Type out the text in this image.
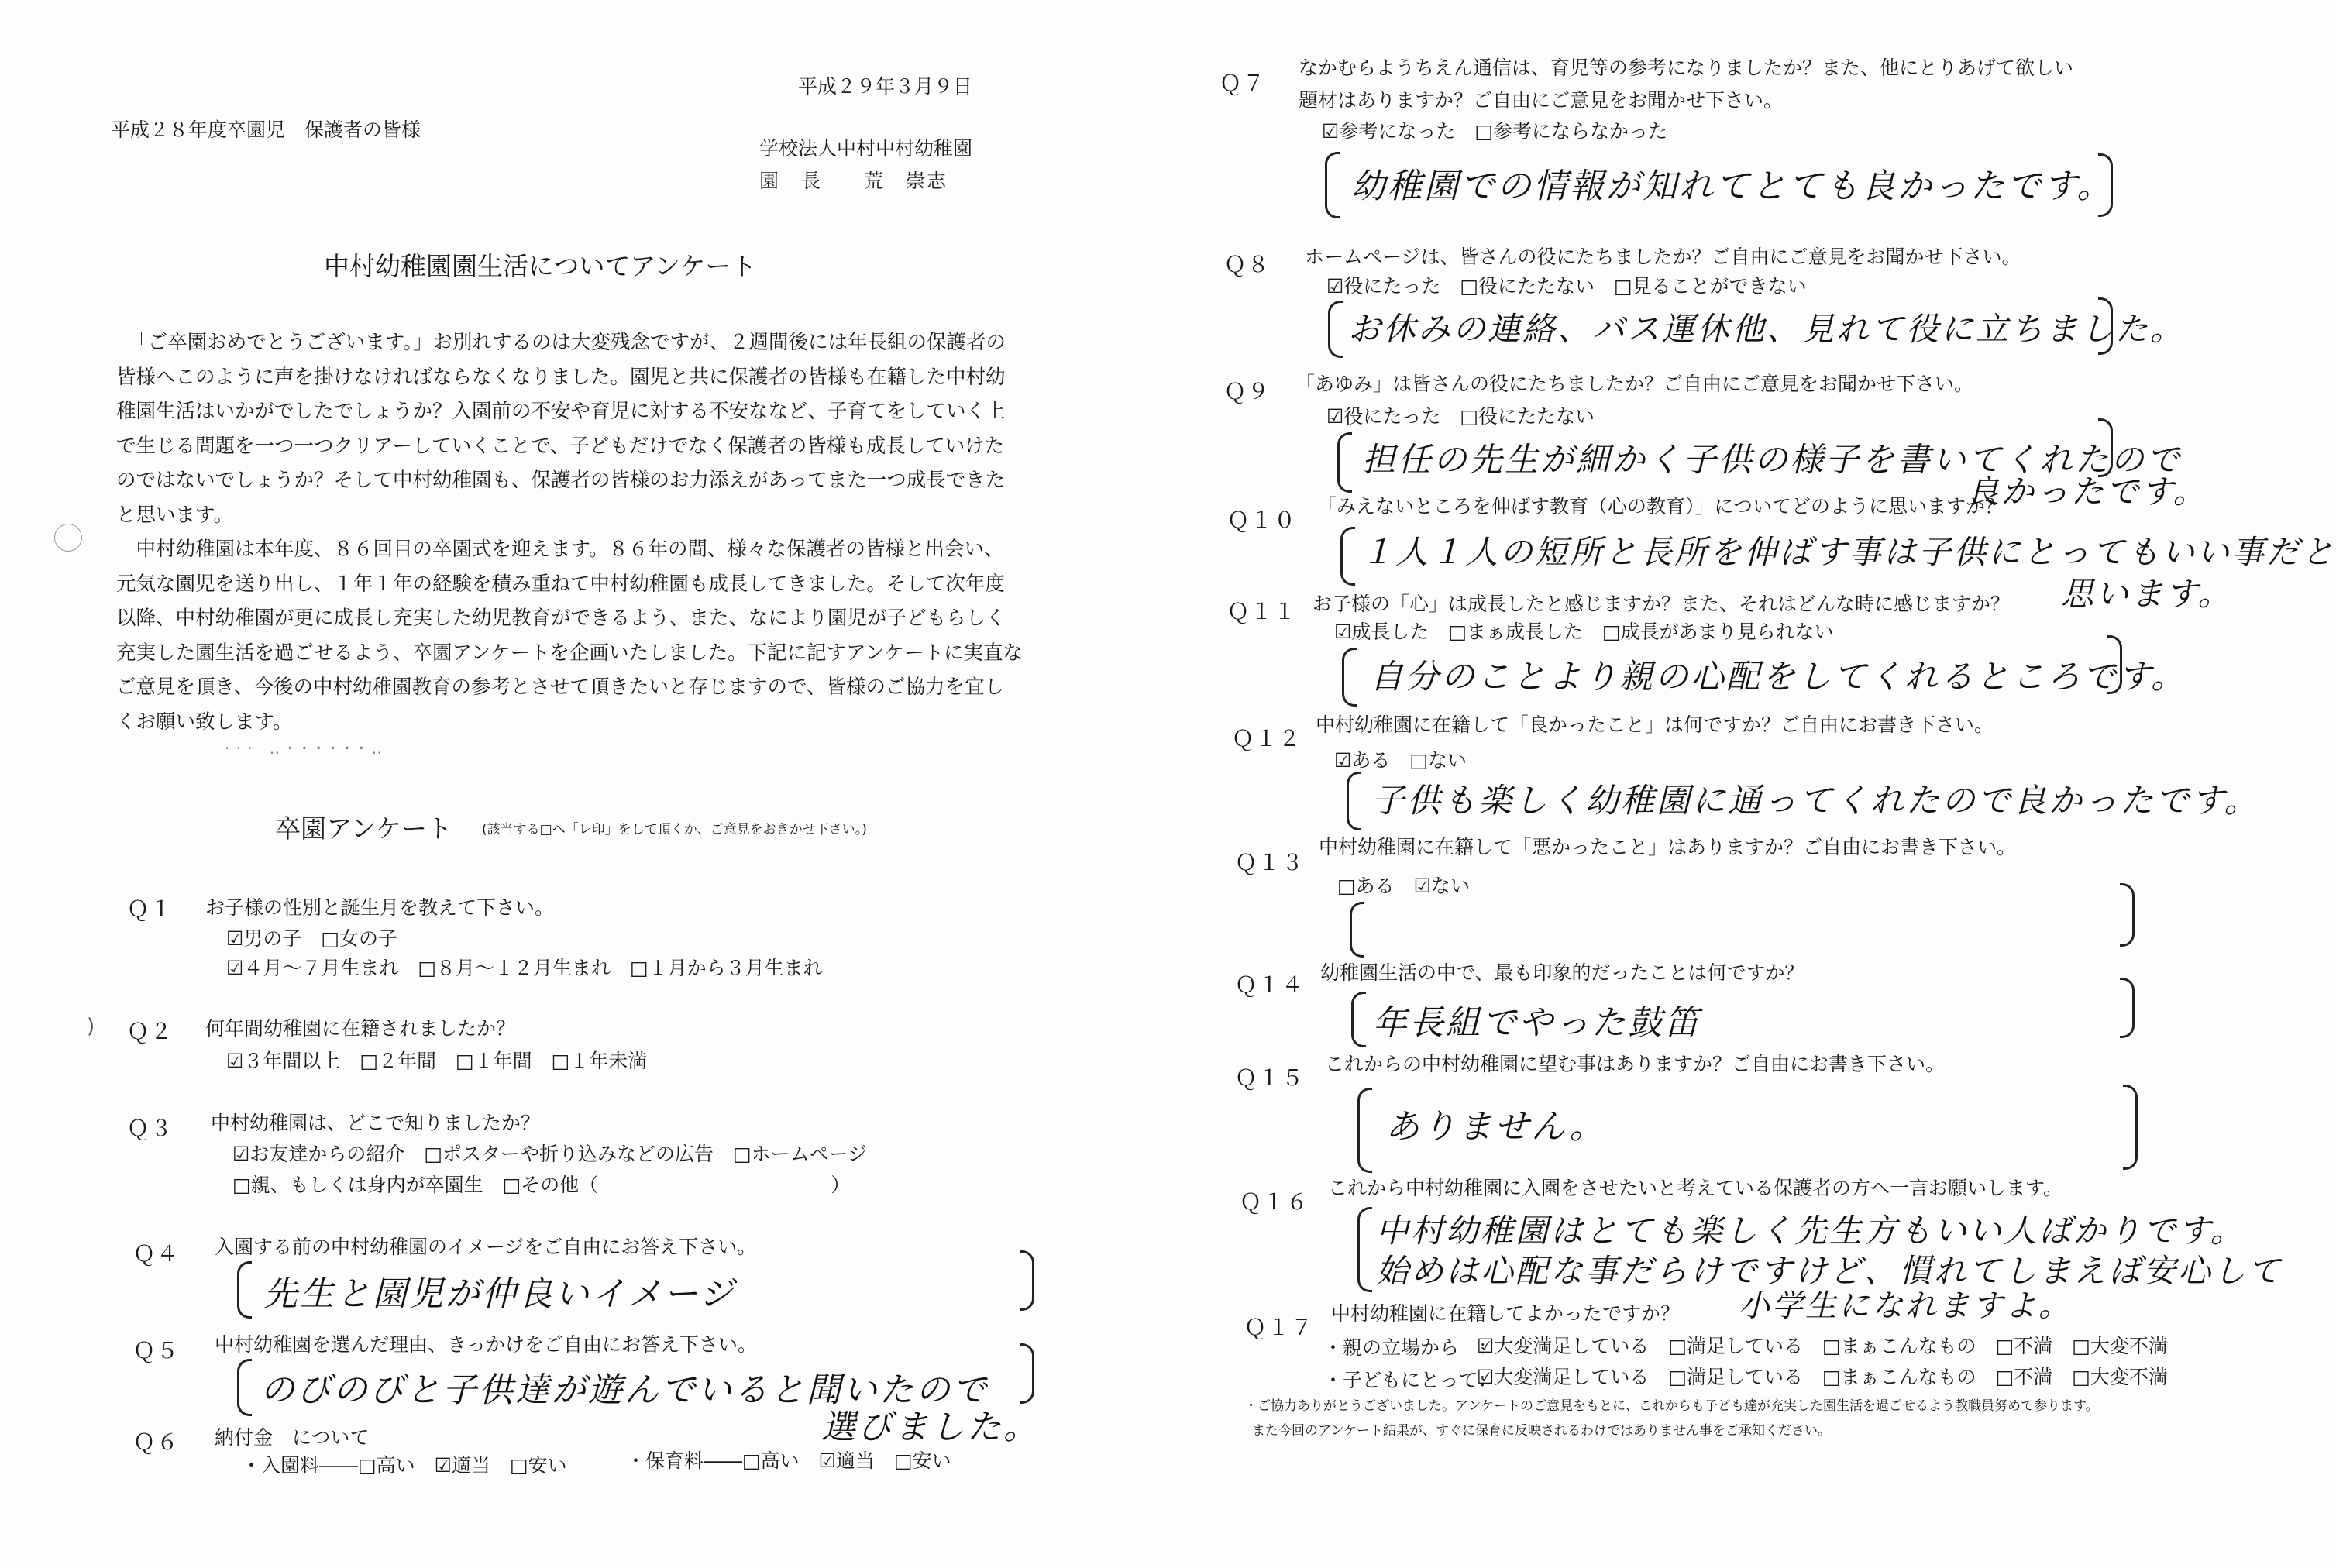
)
· · ·　‥ ･ ･ ･ ･ ･ ･ ‥
平成２９年３月９日
平成２８年度卒園児　保護者の皆様
学校法人中村中村幼稚園
園　長　　荒　崇志
中村幼稚園園生活についてアンケート

「ご卒園おめでとうございます。」お別れするのは大変残念ですが、２週間後には年長組の保護者の皆様へこのように声を掛けなければならなくなりました。園児と共に保護者の皆様も在籍した中村幼稚園生活はいかがでしたでしょうか？入園前の不安や育児に対する不安ななど、子育てをしていく上で生じる問題を一つ一つクリアーしていくことで、子どもだけでなく保護者の皆様も成長していけたのではないでしょうか？そして中村幼稚園も、保護者の皆様のお力添えがあってまた一つ成長できたと思います。

中村幼稚園は本年度、８６回目の卒園式を迎えます。８６年の間、様々な保護者の皆様と出会い、元気な園児を送り出し、１年１年の経験を積み重ねて中村幼稚園も成長してきました。そして次年度以降、中村幼稚園が更に成長し充実した幼児教育ができるよう、また、なにより園児が子どもらしく充実した園生活を過ごせるよう、卒園アンケートを企画いたしました。下記に記すアンケートに実直なご意見を頂き、今後の中村幼稚園教育の参考とさせて頂きたいと存じますので、皆様のご協力を宜しくお願い致します。

卒園アンケート (該当する□へ「レ印」をして頂くか、ご意見をおきかせ下さい。)
Ｑ１ お子様の性別と誕生月を教えて下さい。
☑男の子　□女の子
☑４月～７月生まれ　□８月～１２月生まれ　□１月から３月生まれ
Ｑ２ 何年間幼稚園に在籍されましたか？
☑３年間以上　□２年間　□１年間　□１年未満
Ｑ３ 中村幼稚園は、どこで知りましたか？
☑お友達からの紹介　□ポスターや折り込みなどの広告　□ホームページ
□親、もしくは身内が卒園生　□その他（　　　　　　　　　　　　）
Ｑ４ 入園する前の中村幼稚園のイメージをご自由にお答え下さい。
先生と園児が仲良いイメージ
Ｑ５ 中村幼稚園を選んだ理由、きっかけをご自由にお答え下さい。
のびのびと子供達が遊んでいると聞いたので
選びました。
Ｑ６ 納付金　について
・入園料――□高い　☑適当　□安い	・保育料――□高い　☑適当　□安い
Ｑ７
なかむらようちえん通信は、育児等の参考になりましたか？また、他にとりあげて欲しい
題材はありますか？ご自由にご意見をお聞かせ下さい。
☑参考になった　□参考にならなかった
幼稚園での情報が知れてとても良かったです。
Ｑ８ ホームページは、皆さんの役にたちましたか？ご自由にご意見をお聞かせ下さい。
☑役にたった　□役にたたない　□見ることができない
お休みの連絡、バス運休他、見れて役に立ちました。
Ｑ９ 「あゆみ」は皆さんの役にたちましたか？ご自由にご意見をお聞かせ下さい。
☑役にたった　□役にたたない
担任の先生が細かく子供の様子を書いてくれたので
良かったです。
Ｑ１０
「みえないところを伸ばす教育（心の教育）」についてどのように思いますか？
１人１人の短所と長所を伸ばす事は子供にとってもいい事だと
思います。
Ｑ１１ お子様の「心」は成長したと感じますか？また、それはどんな時に感じますか？
☑成長した　□まぁ成長した　□成長があまり見られない
自分のことより親の心配をしてくれるところです。
Ｑ１２
中村幼稚園に在籍して「良かったこと」は何ですか？ご自由にお書き下さい。
☑ある　□ない
子供も楽しく幼稚園に通ってくれたので良かったです。
Ｑ１３
中村幼稚園に在籍して「悪かったこと」はありますか？ご自由にお書き下さい。
□ある　☑ない
Ｑ１４ 幼稚園生活の中で、最も印象的だったことは何ですか？
年長組でやった鼓笛
Ｑ１５
これからの中村幼稚園に望む事はありますか？ご自由にお書き下さい。
ありません。
Ｑ１６
これから中村幼稚園に入園をさせたいと考えている保護者の方へ一言お願いします。
中村幼稚園はとても楽しく先生方もいい人ばかりです。
始めは心配な事だらけですけど、慣れてしまえば安心して
小学生になれますよ。
Ｑ１７
中村幼稚園に在籍してよかったですか？
・親の立場から　：
☑大変満足している　□満足している　□まぁこんなもの　□不満　□大変不満
・子どもにとって：
☑大変満足している　□満足している　□まぁこんなもの　□不満　□大変不満
・ご協力ありがとうございました。アンケートのご意見をもとに、これからも子ども達が充実した園生活を過ごせるよう教職員努めて参ります。
また今回のアンケート結果が、すぐに保育に反映されるわけではありません事をご承知ください。
